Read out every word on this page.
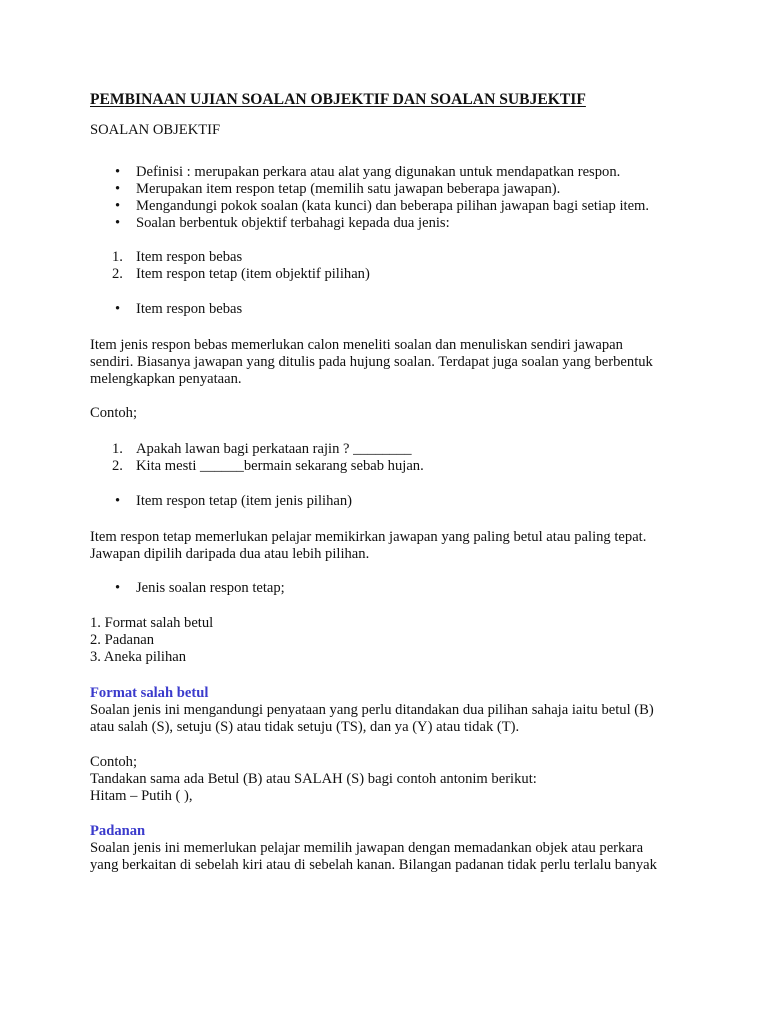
PEMBINAAN UJIAN SOALAN OBJEKTIF DAN SOALAN SUBJEKTIF
SOALAN OBJEKTIF
• Definisi : merupakan perkara atau alat yang digunakan untuk mendapatkan respon.
• Merupakan item respon tetap (memilih satu jawapan beberapa jawapan).
• Mengandungi pokok soalan (kata kunci) dan beberapa pilihan jawapan bagi setiap item.
• Soalan berbentuk objektif terbahagi kepada dua jenis:
1. Item respon bebas
2. Item respon tetap (item objektif pilihan)
• Item respon bebas
Item jenis respon bebas memerlukan calon meneliti soalan dan menuliskan sendiri jawapan
sendiri. Biasanya jawapan yang ditulis pada hujung soalan. Terdapat juga soalan yang berbentuk
melengkapkan penyataan.
Contoh;
1. Apakah lawan bagi perkataan rajin ? ________
2. Kita mesti ______bermain sekarang sebab hujan.
• Item respon tetap (item jenis pilihan)
Item respon tetap memerlukan pelajar memikirkan jawapan yang paling betul atau paling tepat.
Jawapan dipilih daripada dua atau lebih pilihan.
• Jenis soalan respon tetap;
1. Format salah betul
2. Padanan
3. Aneka pilihan
Format salah betul
Soalan jenis ini mengandungi penyataan yang perlu ditandakan dua pilihan sahaja iaitu betul (B)
atau salah (S), setuju (S) atau tidak setuju (TS), dan ya (Y) atau tidak (T).
Contoh;
Tandakan sama ada Betul (B) atau SALAH (S) bagi contoh antonim berikut:
Hitam – Putih ( ),
Padanan
Soalan jenis ini memerlukan pelajar memilih jawapan dengan memadankan objek atau perkara
yang berkaitan di sebelah kiri atau di sebelah kanan. Bilangan padanan tidak perlu terlalu banyak
